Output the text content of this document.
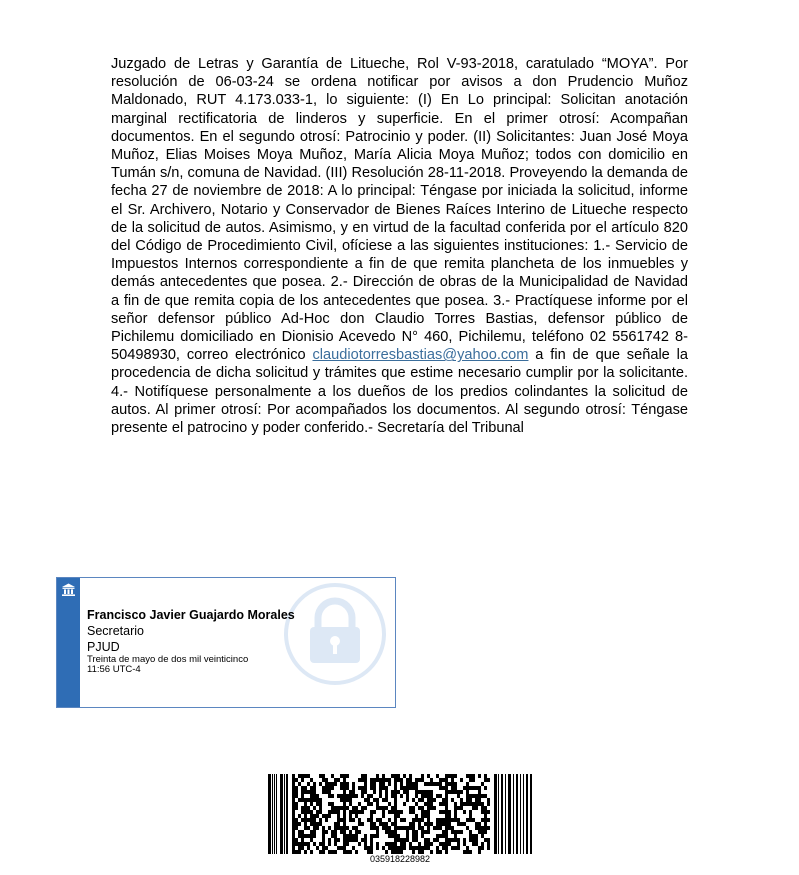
Juzgado de Letras y Garantía de Litueche, Rol V-93-2018, caratulado “MOYA”. Por resolución de 06-03-24 se ordena notificar por avisos a don Prudencio Muñoz Maldonado, RUT 4.173.033-1, lo siguiente: (I) En Lo principal: Solicitan anotación marginal rectificatoria de linderos y superficie. En el primer otrosí: Acompañan documentos. En el segundo otrosí: Patrocinio y poder. (II) Solicitantes: Juan José Moya Muñoz, Elias Moises Moya Muñoz, María Alicia Moya Muñoz; todos con domicilio en Tumán s/n, comuna de Navidad. (III) Resolución 28-11-2018. Proveyendo la demanda de fecha 27 de noviembre de 2018: A lo principal: Téngase por iniciada la solicitud, informe el Sr. Archivero, Notario y Conservador de Bienes Raíces Interino de Litueche respecto de la solicitud de autos. Asimismo, y en virtud de la facultad conferida por el artículo 820 del Código de Procedimiento Civil, ofíciese a las siguientes instituciones: 1.- Servicio de Impuestos Internos correspondiente a fin de que remita plancheta de los inmuebles y demás antecedentes que posea. 2.- Dirección de obras de la Municipalidad de Navidad a fin de que remita copia de los antecedentes que posea. 3.- Practíquese informe por el señor defensor público Ad-Hoc don Claudio Torres Bastias, defensor público de Pichilemu domiciliado en Dionisio Acevedo N° 460, Pichilemu, teléfono 02 5561742 8-50498930, correo electrónico claudiotorresbastias@yahoo.com a fin de que señale la procedencia de dicha solicitud y trámites que estime necesario cumplir por la solicitante. 4.- Notifíquese personalmente a los dueños de los predios colindantes la solicitud de autos. Al primer otrosí: Por acompañados los documentos. Al segundo otrosí: Téngase presente el patrocino y poder conferido.- Secretaría del Tribunal

Francisco Javier Guajardo Morales
Secretario
PJUD
Treinta de mayo de dos mil veinticinco
11:56 UTC-4
035918228982
